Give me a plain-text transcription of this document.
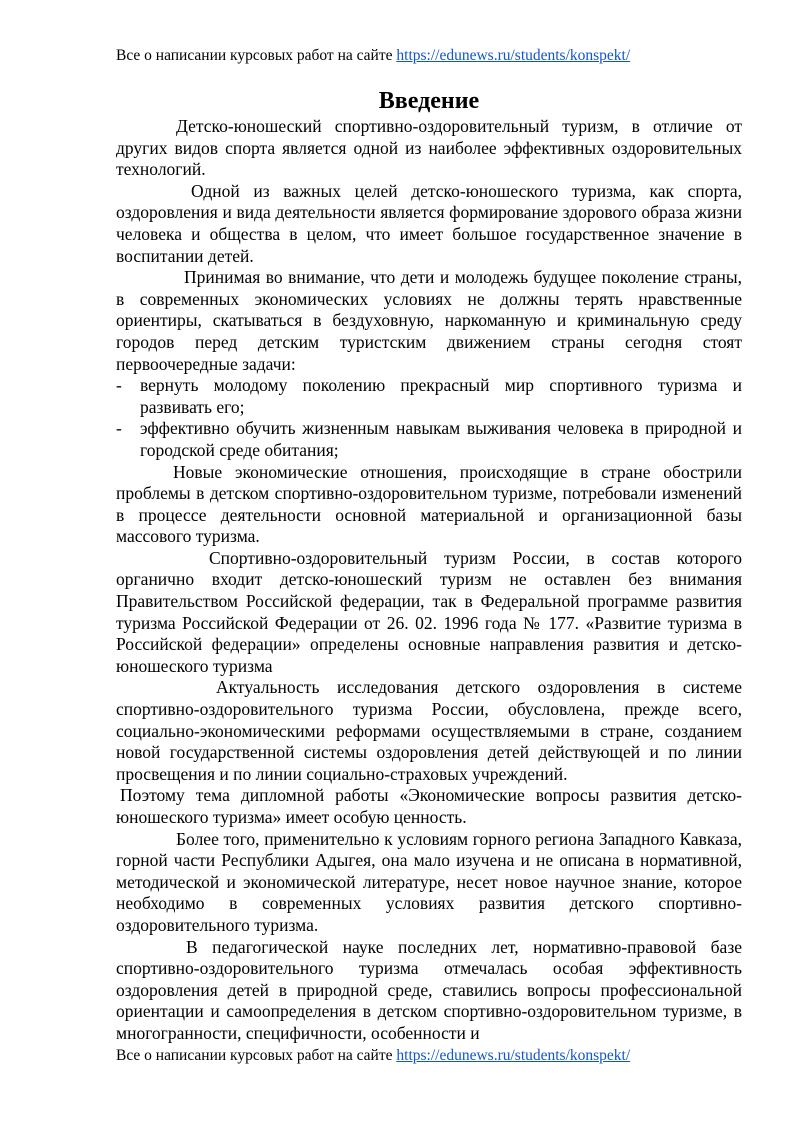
Все о написании курсовых работ на сайте https://edunews.ru/students/konspekt/
Введение

Детско-юношеский спортивно-оздоровительный туризм, в отличие от других видов спорта является одной из наиболее эффективных оздоровительных технологий.

Одной из важных целей детско-юношеского туризма, как спорта, оздоровления и вида деятельности является формирование здорового образа жизни человека и общества в целом, что имеет большое государственное значение в воспитании детей.

Принимая во внимание, что дети и молодежь будущее поколение страны, в современных экономических условиях не должны терять нравственные ориентиры, скатываться в бездуховную, наркоманную и криминальную среду городов перед детским туристским движением страны сегодня стоят первоочередные задачи:

- вернуть молодому поколению прекрасный мир спортивного туризма и развивать его;
- эффективно обучить жизненным навыкам выживания человека в природной и городской среде обитания;

Новые экономические отношения, происходящие в стране обострили проблемы в детском спортивно-оздоровительном туризме, потребовали изменений в процессе деятельности основной материальной и организационной базы массового туризма.

Спортивно-оздоровительный туризм России, в состав которого органично входит детско-юношеский туризм не оставлен без внимания Правительством Российской федерации, так в Федеральной программе развития туризма Российской Федерации от 26. 02. 1996 года № 177. «Развитие туризма в Российской федерации» определены основные направления развития и детско-юношеского туризма

Актуальность исследования детского оздоровления в системе спортивно-оздоровительного туризма России, обусловлена, прежде всего, социально-экономическими реформами осуществляемыми в стране, созданием новой государственной системы оздоровления детей действующей и по линии просвещения и по линии социально-страховых учреждений.

Поэтому тема дипломной работы «Экономические вопросы развития детско-юношеского туризма» имеет особую ценность.

Более того, применительно к условиям горного региона Западного Кавказа, горной части Республики Адыгея, она мало изучена и не описана в нормативной, методической и экономической литературе, несет новое научное знание, которое необходимо в современных условиях развития детского спортивно-оздоровительного туризма.

В педагогической науке последних лет, нормативно-правовой базе спортивно-оздоровительного туризма отмечалась особая эффективность оздоровления детей в природной среде, ставились вопросы профессиональной ориентации и самоопределения в детском спортивно-оздоровительном туризме, в многогранности, специфичности, особенности и

Все о написании курсовых работ на сайте https://edunews.ru/students/konspekt/
